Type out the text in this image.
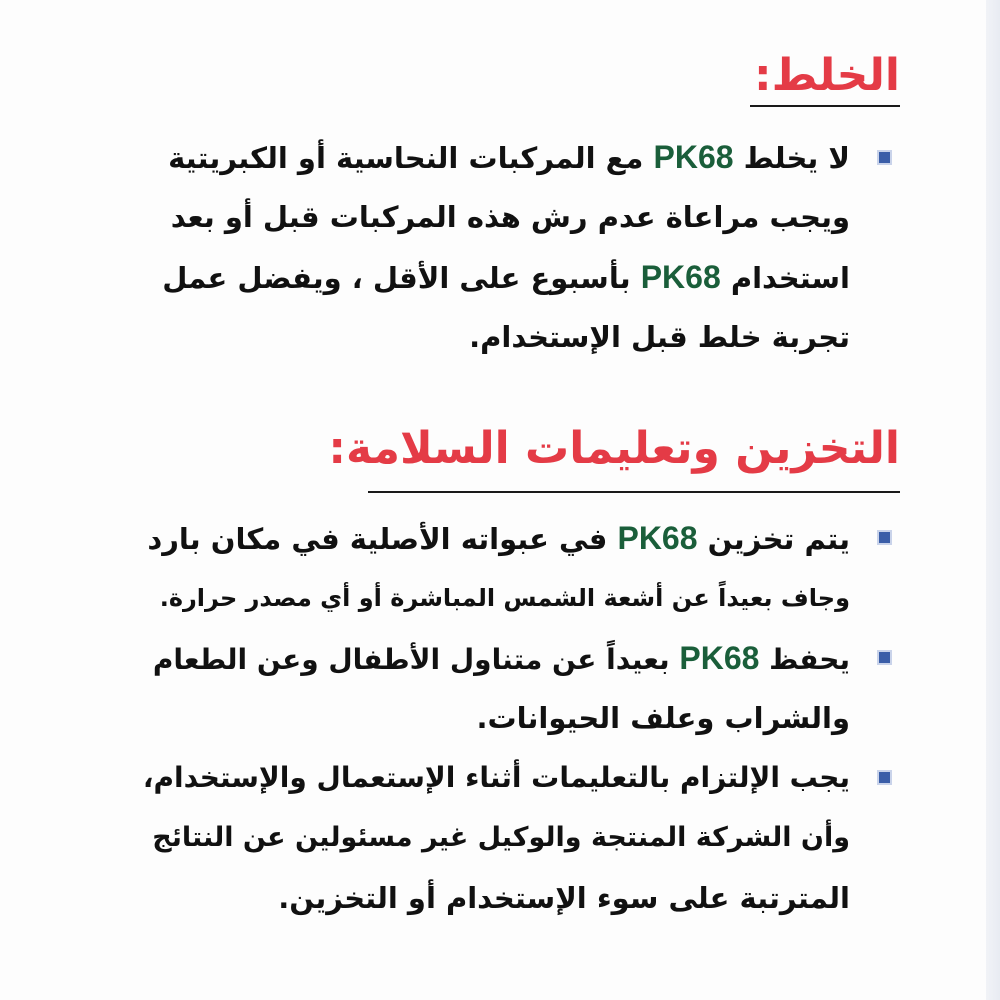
الخلط:
لا يخلط PK68 مع المركبات النحاسية أو الكبريتية
ويجب مراعاة عدم رش هذه المركبات قبل أو بعد
استخدام PK68 بأسبوع على الأقل ، ويفضل عمل
تجربة خلط قبل الإستخدام.
التخزين وتعليمات السلامة:
يتم تخزين PK68 في عبواته الأصلية في مكان بارد
وجاف بعيداً عن أشعة الشمس المباشرة أو أي مصدر حرارة.
يحفظ PK68 بعيداً عن متناول الأطفال وعن الطعام
والشراب وعلف الحيوانات.
يجب الإلتزام بالتعليمات أثناء الإستعمال والإستخدام،
وأن الشركة المنتجة والوكيل غير مسئولين عن النتائج
المترتبة على سوء الإستخدام أو التخزين.
